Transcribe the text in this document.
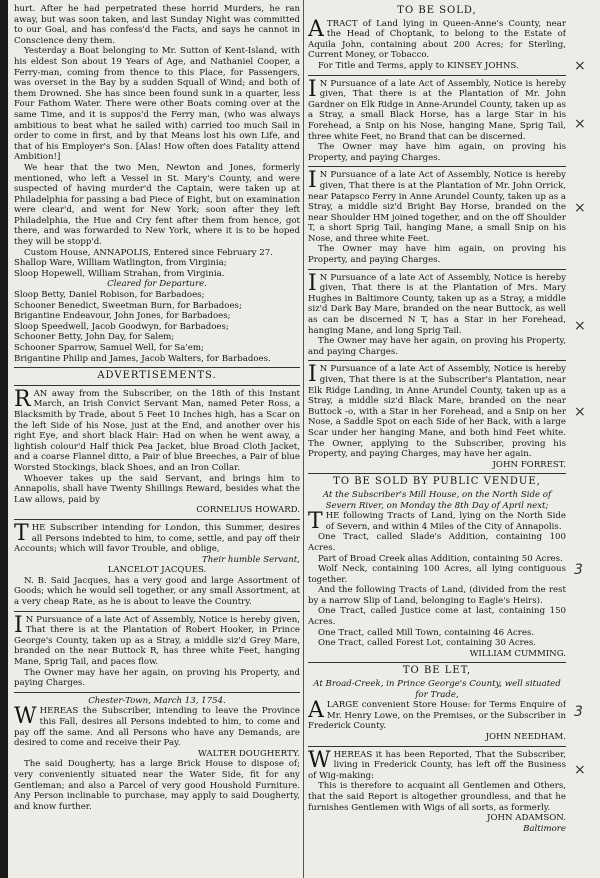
hurt. After he had perpetrated these horrid Murders, he ran away, but was soon taken, and last Sunday Night was committed to our Goal, and has confess'd the Facts, and says he cannot in Conscience deny them.

Yesterday a Boat belonging to Mr. Sutton of Kent-Island, with his eldest Son about 19 Years of Age, and Nathaniel Cooper, a Ferry-man, coming from thence to this Place, for Passengers, was overset in the Bay by a sudden Squall of Wind; and both of them Drowned. She has since been found sunk in a quarter, less Four Fathom Water. There were other Boats coming over at the same Time, and it is suppos'd the Ferry man, (who was always ambitious to beat what he sailed with) carried too much Sail in order to come in first, and by that Means lost his own Life, and that of his Employer's Son. [Alas! How often does Fatality attend Ambition!]

We hear that the two Men, Newton and Jones, formerly mentioned, who left a Vessel in St. Mary's County, and were suspected of having murder'd the Captain, were taken up at Philadelphia for passing a bad Piece of Eight, but on examination were clear'd, and went for New York; soon after they left Philadelphia, the Hue and Cry fent after them from hence, got there, and was forwarded to New York, where it is to be hoped they will be stopp'd.

Custom House, ANNAPOLIS, Entered since February 27.

Shallop Ware, William Watlington, from Virginia;

Sloop Hopewell, William Strahan, from Virginia.

Cleared for Departure.

Sloop Betty, Daniel Robison, for Barbadoes;

Schooner Benedict, Sweetman Burn, for Barbadoes;

Brigantine Endeavour, John Jones, for Barbadoes;

Sloop Speedwell, Jacob Goodwyn, for Barbadoes;

Schooner Betty, John Day, for Salem;

Schooner Sparrow, Samuel Well, for Sa'em;

Brigantine Philip and James, Jacob Walters, for Barbadoes.

ADVERTISEMENTS.
R AN away from the Subscriber, on the 18th of this Instant March, an Irish Convict Servant Man, named Peter Ross, a Blacksmith by Trade, about 5 Feet 10 Inches high, has a Scar on the left Side of his Nose, just at the End, and another over his right Eye, and short black Hair: Had on when he went away, a lightish colour'd Half thick Pea Jacket, blue Broad Cloth Jacket, and a coarse Flannel ditto, a Pair of blue Breeches, a Pair of blue Worsted Stockings, black Shoes, and an Iron Collar.

Whoever takes up the said Servant, and brings him to Annapolis, shall have Twenty Shillings Reward, besides what the Law allows, paid by

CORNELIUS HOWARD.

T HE Subscriber intending for London, this Summer, desires all Persons indebted to him, to come, settle, and pay off their Accounts; which will favor Trouble, and oblige,

Their humble Servant,

LANCELOT JACQUES.

N. B. Said Jacques, has a very good and large Assortment of Goods; which he would sell together, or any small Assortment, at a very cheap Rate, as he is about to leave the Country.

I N Pursuance of a late Act of Assembly, Notice is hereby given, That there is at the Plantation of Robert Hooker, in Prince George's County, taken up as a Stray, a middle siz'd Grey Mare, branded on the near Buttock R, has three white Feet, hanging Mane, Sprig Tail, and paces flow.

The Owner may have her again, on proving his Property, and paying Charges.

Chester-Town, March 13, 1754.

W HEREAS the Subscriber, intending to leave the Province this Fall, desires all Persons indebted to him, to come and pay off the same. And all Persons who have any Demands, are desired to come and receive their Pay.

WALTER DOUGHERTY.

The said Dougherty, has a large Brick House to dispose of; very conveniently situated near the Water Side, fit for any Gentleman; and also a Parcel of very good Houshold Furniture. Any Person inclinable to purchase, may apply to said Dougherty, and know further.

TO BE SOLD,
A TRACT of Land lying in Queen-Anne's County, near the Head of Choptank, to belong to the Estate of Aquila John, containing about 200 Acres; for Sterling, Current Money, or Tobacco.

For Title and Terms, apply to KINSEY JOHNS.

I N Pursuance of a late Act of Assembly, Notice is hereby given, That there is at the Plantation of Mr. John Gardner on Elk Ridge in Anne-Arundel County, taken up as a Stray, a small Black Horse, has a large Star in his Forehead, a Snip on his Nose, hanging Mane, Sprig Tail, three white Feet, no Brand that can be discerned.

The Owner may have him again, on proving his Property, and paying Charges.

I N Pursuance of a late Act of Assembly, Notice is hereby given, That there is at the Plantation of Mr. John Orrick, near Patapsco Ferry in Anne Arundel County, taken up as a Stray, a middle siz'd Bright Bay Horse, branded on the near Shoulder HM joined together, and on the off Shoulder T, a short Sprig Tail, hanging Mane, a small Snip on his Nose, and three white Feet.

The Owner may have him again, on proving his Property, and paying Charges.

I N Pursuance of a late Act of Assembly, Notice is hereby given, That there is at the Plantation of Mrs. Mary Hughes in Baltimore County, taken up as a Stray, a middle siz'd Dark Bay Mare, branded on the near Buttock, as well as can be discerned N T, has a Star in her Forehead, hanging Mane, and long Sprig Tail.

The Owner may have her again, on proving his Property, and paying Charges.

I N Pursuance of a late Act of Assembly, Notice is hereby given, That there is at the Subscriber's Plantation, near Elk Ridge Landing, in Anne Arundel County, taken up as a Stray, a middle siz'd Black Mare, branded on the near Buttock -o, with a Star in her Forehead, and a Snip on her Nose, a Saddle Spot on each Side of her Back, with a large Scar under her hanging Mane, and both hind Feet white. The Owner, applying to the Subscriber, proving his Property, and paying Charges, may have her again.

JOHN FORREST.

TO BE SOLD BY PUBLIC VENDUE,

At the Subscriber's Mill House, on the North Side of Severn River, on Monday the 8th Day of April next;

T HE following Tracts of Land, lying on the North Side of Severn, and within 4 Miles of the City of Annapolis.

One Tract, called Slade's Addition, containing 100 Acres.

Part of Broad Creek alias Addition, containing 50 Acres.

Wolf Neck, containing 100 Acres, all lying contiguous together.

And the following Tracts of Land, (divided from the rest by a narrow Slip of Land, belonging to Eagle's Heirs).

One Tract, called Justice come at last, containing 150 Acres.

One Tract, called Mill Town, containing 46 Acres.

One Tract, called Forest Lot, containing 30 Acres.

WILLIAM CUMMING.

TO BE LET,

At Broad-Creek, in Prince George's County, well situated for Trade,

A LARGE convenient Store House: for Terms Enquire of Mr. Henry Lowe, on the Premises, or the Subscriber in Frederick County.

JOHN NEEDHAM.

W HEREAS it has been Reported, That the Subscriber, living in Frederick County, has left off the Business of Wig-making:

This is therefore to acquaint all Gentlemen and Others, that the said Report is altogether groundless, and that he furnishes Gentlemen with Wigs of all sorts, as formerly.

JOHN ADAMSON.

Baltimore

×
×
×
×
×
3
3
×
